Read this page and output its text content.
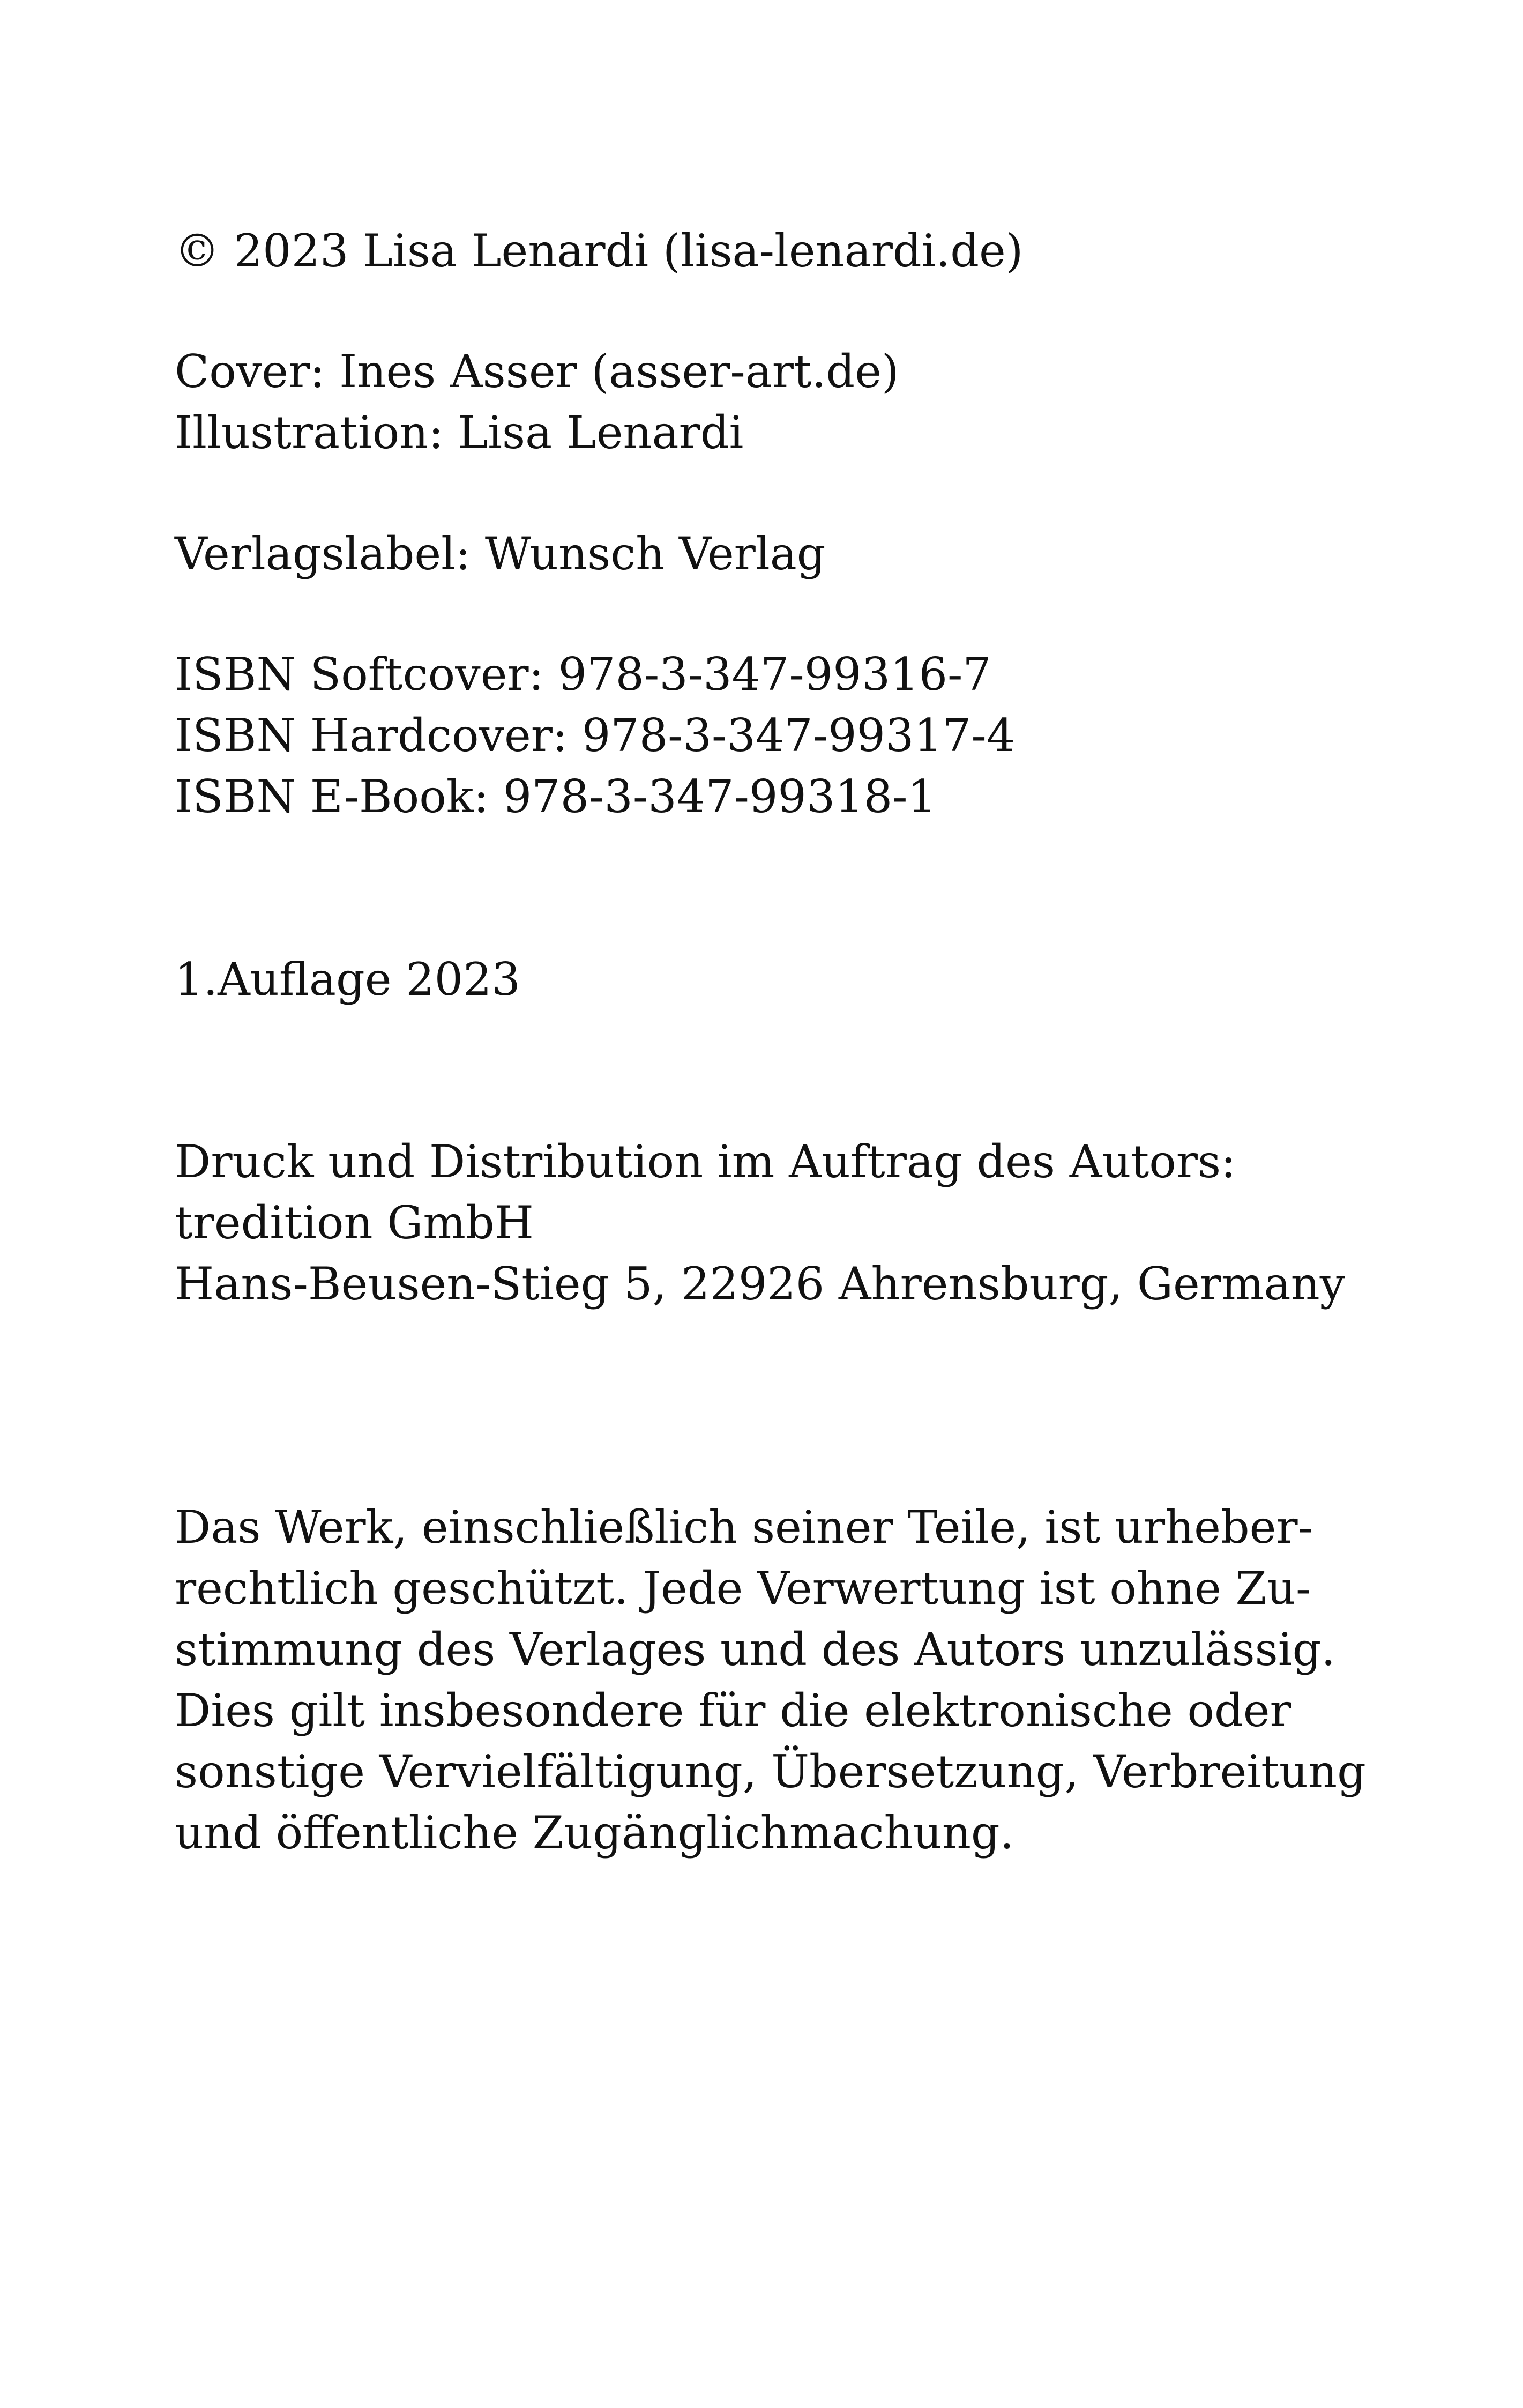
© 2023 Lisa Lenardi (lisa-lenardi.de)

Cover: Ines Asser (asser-art.de)

Illustration: Lisa Lenardi

Verlagslabel: Wunsch Verlag

ISBN Softcover: 978-3-347-99316-7

ISBN Hardcover: 978-3-347-99317-4

ISBN E-Book: 978-3-347-99318-1

1.Auflage 2023

Druck und Distribution im Auftrag des Autors:

tredition GmbH

Hans-Beusen-Stieg 5, 22926 Ahrensburg, Germany

Das Werk, einschließlich seiner Teile, ist urheber-

rechtlich geschützt. Jede Verwertung ist ohne Zu-

stimmung des Verlages und des Autors unzulässig.

Dies gilt insbesondere für die elektronische oder

sonstige Vervielfältigung, Übersetzung, Verbreitung

und öffentliche Zugänglichmachung.
